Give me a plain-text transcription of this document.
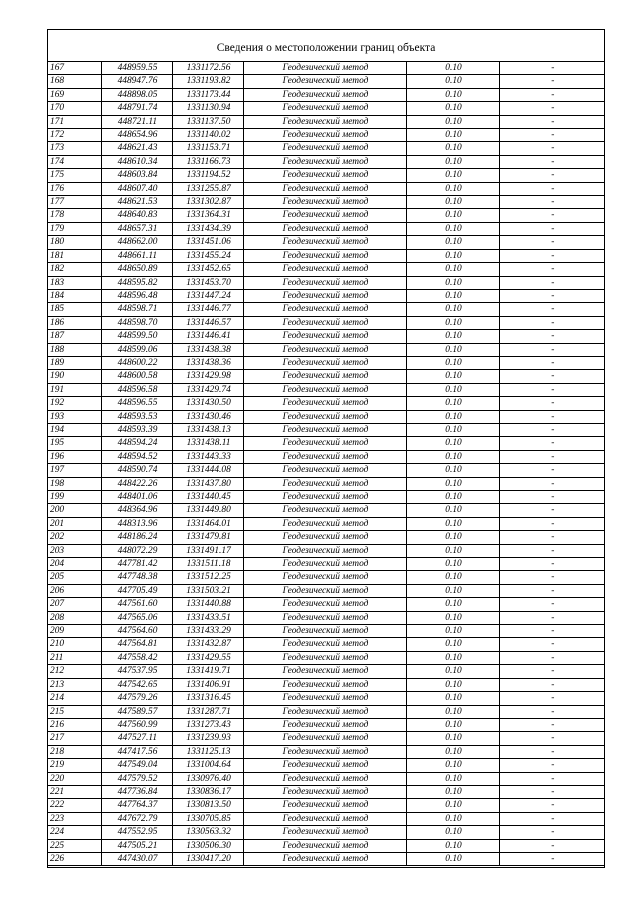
Сведения о местоположении границ объекта
167	448959.55	1331172.56	Геодезический метод	0.10	-
168	448947.76	1331193.82	Геодезический метод	0.10	-
169	448898.05	1331173.44	Геодезический метод	0.10	-
170	448791.74	1331130.94	Геодезический метод	0.10	-
171	448721.11	1331137.50	Геодезический метод	0.10	-
172	448654.96	1331140.02	Геодезический метод	0.10	-
173	448621.43	1331153.71	Геодезический метод	0.10	-
174	448610.34	1331166.73	Геодезический метод	0.10	-
175	448603.84	1331194.52	Геодезический метод	0.10	-
176	448607.40	1331255.87	Геодезический метод	0.10	-
177	448621.53	1331302.87	Геодезический метод	0.10	-
178	448640.83	1331364.31	Геодезический метод	0.10	-
179	448657.31	1331434.39	Геодезический метод	0.10	-
180	448662.00	1331451.06	Геодезический метод	0.10	-
181	448661.11	1331455.24	Геодезический метод	0.10	-
182	448650.89	1331452.65	Геодезический метод	0.10	-
183	448595.82	1331453.70	Геодезический метод	0.10	-
184	448596.48	1331447.24	Геодезический метод	0.10	-
185	448598.71	1331446.77	Геодезический метод	0.10	-
186	448598.70	1331446.57	Геодезический метод	0.10	-
187	448599.50	1331446.41	Геодезический метод	0.10	-
188	448599.06	1331438.38	Геодезический метод	0.10	-
189	448600.22	1331438.36	Геодезический метод	0.10	-
190	448600.58	1331429.98	Геодезический метод	0.10	-
191	448596.58	1331429.74	Геодезический метод	0.10	-
192	448596.55	1331430.50	Геодезический метод	0.10	-
193	448593.53	1331430.46	Геодезический метод	0.10	-
194	448593.39	1331438.13	Геодезический метод	0.10	-
195	448594.24	1331438.11	Геодезический метод	0.10	-
196	448594.52	1331443.33	Геодезический метод	0.10	-
197	448590.74	1331444.08	Геодезический метод	0.10	-
198	448422.26	1331437.80	Геодезический метод	0.10	-
199	448401.06	1331440.45	Геодезический метод	0.10	-
200	448364.96	1331449.80	Геодезический метод	0.10	-
201	448313.96	1331464.01	Геодезический метод	0.10	-
202	448186.24	1331479.81	Геодезический метод	0.10	-
203	448072.29	1331491.17	Геодезический метод	0.10	-
204	447781.42	1331511.18	Геодезический метод	0.10	-
205	447748.38	1331512.25	Геодезический метод	0.10	-
206	447705.49	1331503.21	Геодезический метод	0.10	-
207	447561.60	1331440.88	Геодезический метод	0.10	-
208	447565.06	1331433.51	Геодезический метод	0.10	-
209	447564.60	1331433.29	Геодезический метод	0.10	-
210	447564.81	1331432.87	Геодезический метод	0.10	-
211	447558.42	1331429.55	Геодезический метод	0.10	-
212	447537.95	1331419.71	Геодезический метод	0.10	-
213	447542.65	1331406.91	Геодезический метод	0.10	-
214	447579.26	1331316.45	Геодезический метод	0.10	-
215	447589.57	1331287.71	Геодезический метод	0.10	-
216	447560.99	1331273.43	Геодезический метод	0.10	-
217	447527.11	1331239.93	Геодезический метод	0.10	-
218	447417.56	1331125.13	Геодезический метод	0.10	-
219	447549.04	1331004.64	Геодезический метод	0.10	-
220	447579.52	1330976.40	Геодезический метод	0.10	-
221	447736.84	1330836.17	Геодезический метод	0.10	-
222	447764.37	1330813.50	Геодезический метод	0.10	-
223	447672.79	1330705.85	Геодезический метод	0.10	-
224	447552.95	1330563.32	Геодезический метод	0.10	-
225	447505.21	1330506.30	Геодезический метод	0.10	-
226	447430.07	1330417.20	Геодезический метод	0.10	-
